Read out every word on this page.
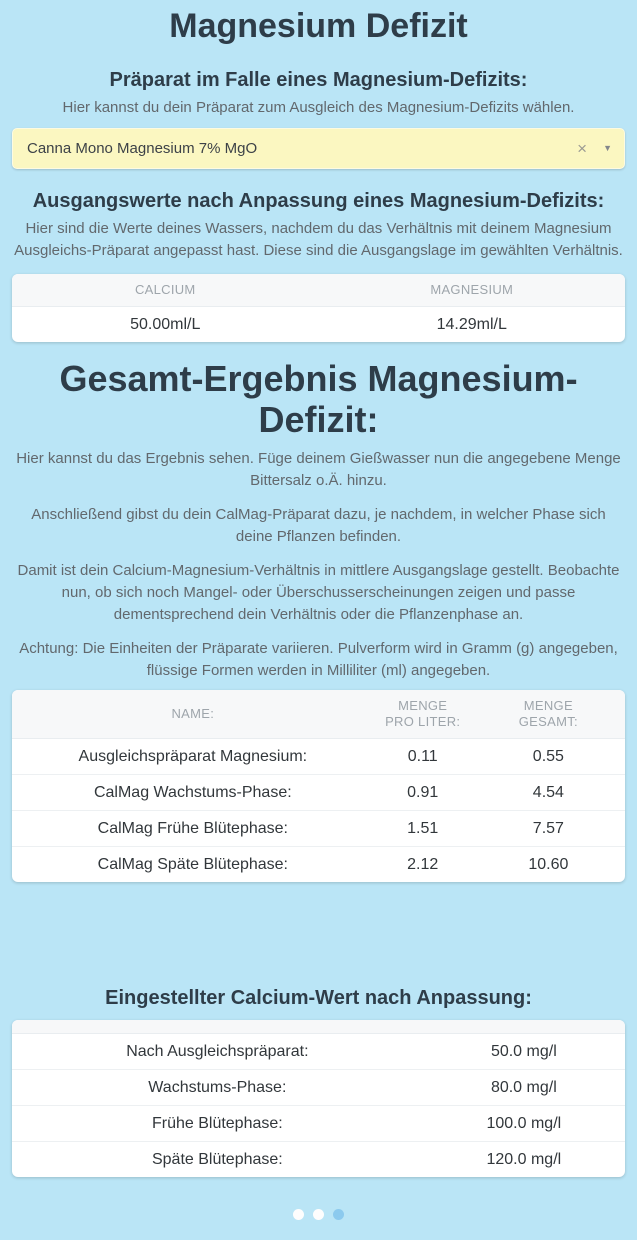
Magnesium Defizit
Präparat im Falle eines Magnesium-Defizits:

Hier kannst du dein Präparat zum Ausgleich des Magnesium-Defizits wählen.

Canna Mono Magnesium 7% MgO	× ▼
Ausgangswerte nach Anpassung eines Magnesium-Defizits:

Hier sind die Werte deines Wassers, nachdem du das Verhältnis mit deinem Magnesium Ausgleichs-Präparat angepasst hast. Diese sind die Ausgangslage im gewählten Verhältnis.

CALCIUM	MAGNESIUM
50.00ml/L	14.29ml/L
Gesamt-Ergebnis Magnesium-Defizit:

Hier kannst du das Ergebnis sehen. Füge deinem Gießwasser nun die angegebene Menge Bittersalz o.Ä. hinzu.

Anschließend gibst du dein CalMag-Präparat dazu, je nachdem, in welcher Phase sich deine Pflanzen befinden.

Damit ist dein Calcium-Magnesium-Verhältnis in mittlere Ausgangslage gestellt. Beobachte nun, ob sich noch Mangel- oder Überschusserscheinungen zeigen und passe dementsprechend dein Verhältnis oder die Pflanzenphase an.

Achtung: Die Einheiten der Präparate variieren. Pulverform wird in Gramm (g) angegeben, flüssige Formen werden in Milliliter (ml) angegeben.

NAME:	MENGE PRO LITER:	MENGE GESAMT:

Ausgleichspräparat Magnesium:	0.11	0.55
CalMag Wachstums-Phase:	0.91	4.54
CalMag Frühe Blütephase:	1.51	7.57
CalMag Späte Blütephase:	2.12	10.60
Eingestellter Calcium-Wert nach Anpassung:
Nach Ausgleichspräparat:	50.0 mg/l
Wachstums-Phase:	80.0 mg/l
Frühe Blütephase:	100.0 mg/l
Späte Blütephase:	120.0 mg/l
